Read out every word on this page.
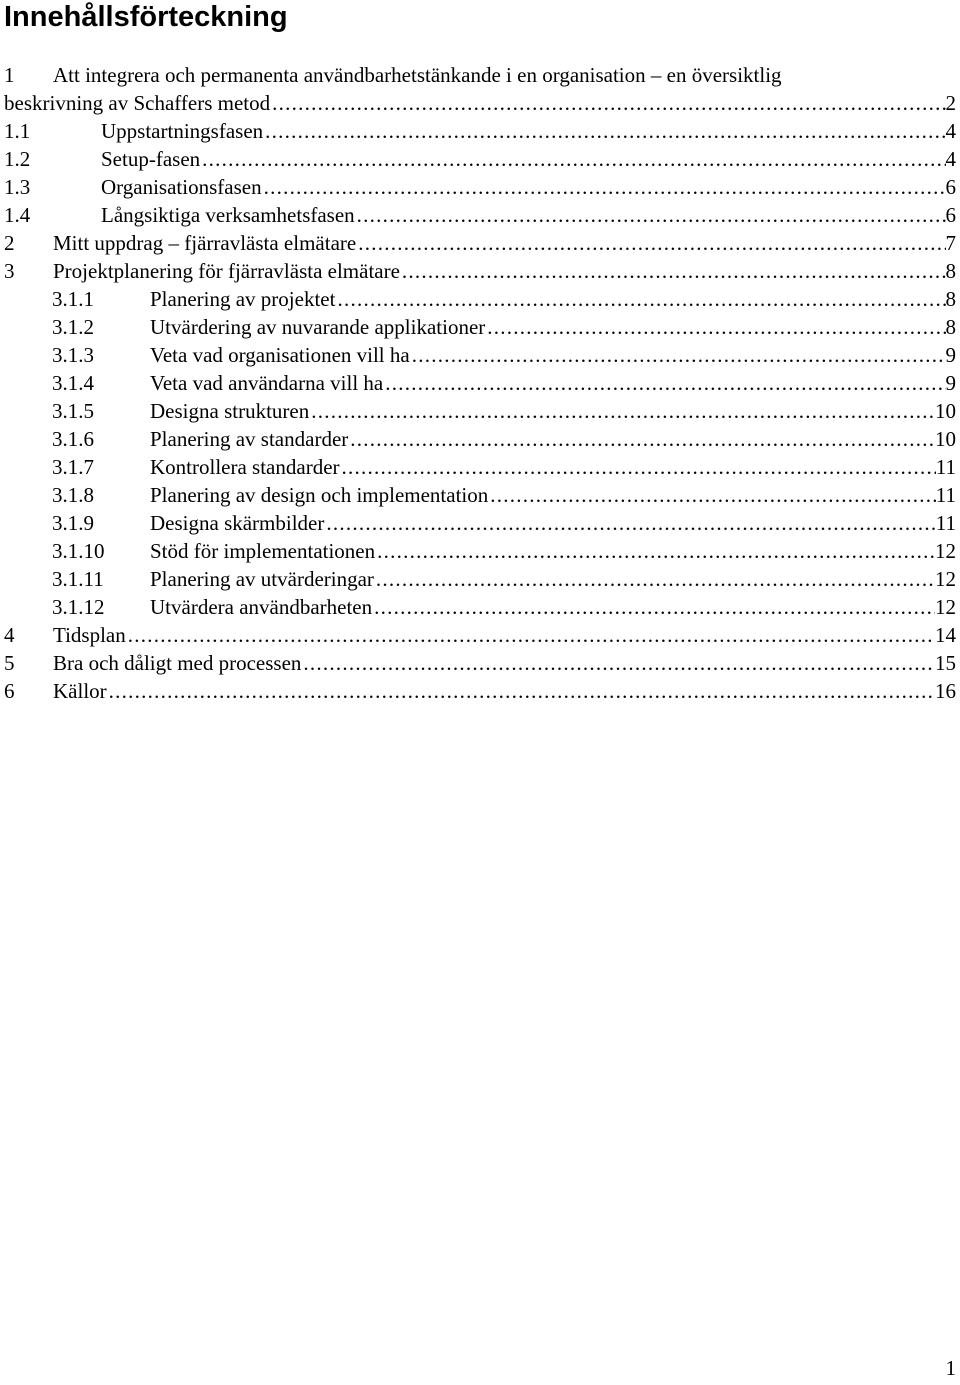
Innehållsförteckning
1 Att integrera och permanenta användbarhetstänkande i en organisation – en översiktlig
beskrivning av Schaffers metod . . .	2
1.1	Uppstartningsfasen . . .	4
1.2	Setup-fasen . . .	4
1.3	Organisationsfasen . . .	6
1.4	Långsiktiga verksamhetsfasen . . .	6
2 Mitt uppdrag – fjärravlästa elmätare . . .	7
3 Projektplanering för fjärravlästa elmätare . . .	8
3.1.1	Planering av projektet . . .	8
3.1.2	Utvärdering av nuvarande applikationer . . .	8
3.1.3	Veta vad organisationen vill ha . . .	9
3.1.4	Veta vad användarna vill ha . . .	9
3.1.5	Designa strukturen . . .	10
3.1.6	Planering av standarder . . .	10
3.1.7	Kontrollera standarder . . .	11
3.1.8	Planering av design och implementation . . .	11
3.1.9	Designa skärmbilder . . .	11
3.1.10 Stöd för implementationen . . .	12
3.1.11 Planering av utvärderingar . . .	12
3.1.12 Utvärdera användbarheten . . .	12
4 Tidsplan . . .	14
5 Bra och dåligt med processen . . .	15
6 Källor . . .	16
1
